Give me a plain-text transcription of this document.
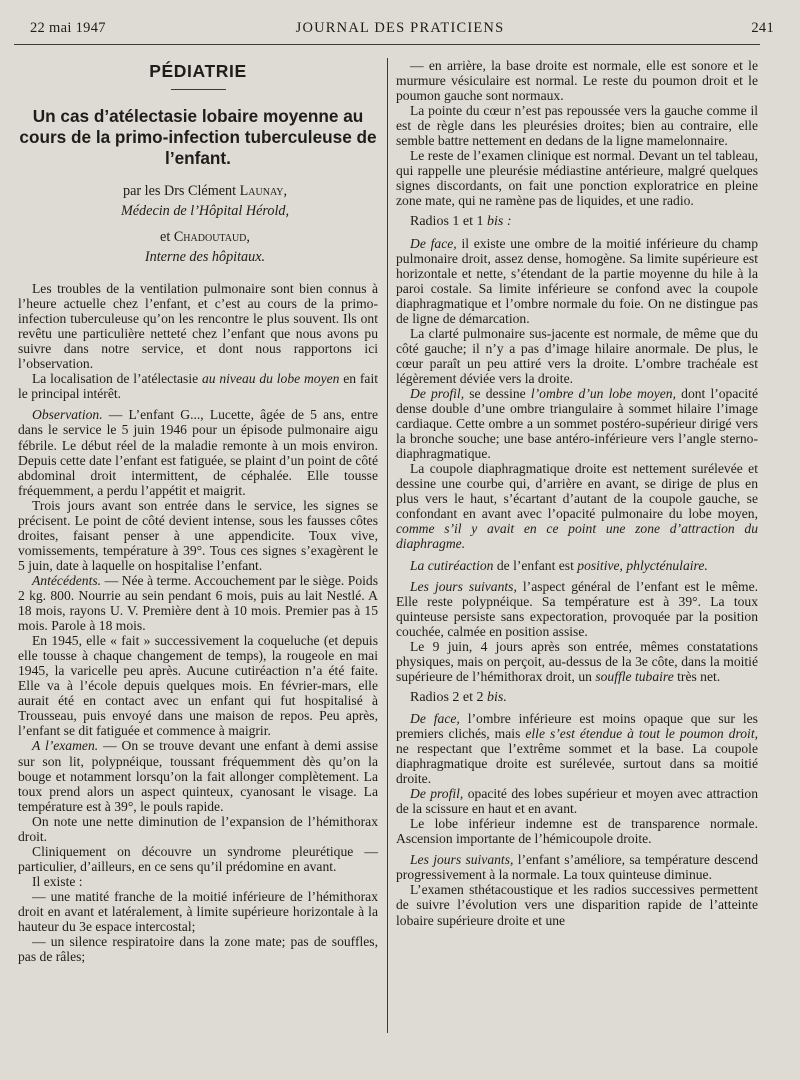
22 mai 1947	JOURNAL DES PRATICIENS	241
PÉDIATRIE
Un cas d’atélectasie lobaire moyenne au cours de la primo-infection tuberculeuse de l’enfant.

par les Drs Clément Launay,

Médecin de l’Hôpital Hérold,

et Chadoutaud,

Interne des hôpitaux.

Les troubles de la ventilation pulmonaire sont bien connus à l’heure actuelle chez l’enfant, et c’est au cours de la primo-infection tuberculeuse qu’on les rencontre le plus souvent. Ils ont revêtu une particulière netteté chez l’enfant que nous avons pu suivre dans notre service, et dont nous rapportons ici l’observation.

La localisation de l’atélectasie au niveau du lobe moyen en fait le principal intérêt.

Observation. — L’enfant G..., Lucette, âgée de 5 ans, entre dans le service le 5 juin 1946 pour un épisode pulmonaire aigu fébrile. Le début réel de la maladie remonte à un mois environ. Depuis cette date l’enfant est fatiguée, se plaint d’un point de côté abdominal droit intermittent, de céphalée. Elle tousse fréquemment, a perdu l’appétit et maigrit.

Trois jours avant son entrée dans le service, les signes se précisent. Le point de côté devient intense, sous les fausses côtes droites, faisant penser à une appendicite. Toux vive, vomissements, température à 39°. Tous ces signes s’exagèrent le 5 juin, date à laquelle on hospitalise l’enfant.

Antécédents. — Née à terme. Accouchement par le siège. Poids 2 kg. 800. Nourrie au sein pendant 6 mois, puis au lait Nestlé. A 18 mois, rayons U. V. Première dent à 10 mois. Premier pas à 15 mois. Parole à 18 mois.

En 1945, elle « fait » successivement la coqueluche (et depuis elle tousse à chaque changement de temps), la rougeole en mai 1945, la varicelle peu après. Aucune cutiréaction n’a été faite. Elle va à l’école depuis quelques mois. En février-mars, elle aurait été en contact avec un enfant qui fut hospitalisé à Trousseau, puis envoyé dans une maison de repos. Peu après, l’enfant se dit fatiguée et commence à maigrir.

A l’examen. — On se trouve devant une enfant à demi assise sur son lit, polypnéique, toussant fréquemment dès qu’on la bouge et notamment lorsqu’on la fait allonger complètement. La toux prend alors un aspect quinteux, cyanosant le visage. La température est à 39°, le pouls rapide.

On note une nette diminution de l’expansion de l’hémithorax droit.

Cliniquement on découvre un syndrome pleurétique — particulier, d’ailleurs, en ce sens qu’il prédomine en avant.

Il existe :

— une matité franche de la moitié inférieure de l’hémithorax droit en avant et latéralement, à limite supérieure horizontale à la hauteur du 3e espace intercostal;

— un silence respiratoire dans la zone mate; pas de souffles, pas de râles;

— en arrière, la base droite est normale, elle est sonore et le murmure vésiculaire est normal. Le reste du poumon droit et le poumon gauche sont normaux.

La pointe du cœur n’est pas repoussée vers la gauche comme il est de règle dans les pleurésies droites; bien au contraire, elle semble battre nettement en dedans de la ligne mamelonnaire.

Le reste de l’examen clinique est normal. Devant un tel tableau, qui rappelle une pleurésie médiastine antérieure, malgré quelques signes discordants, on fait une ponction exploratrice en pleine zone mate, qui ne ramène pas de liquides, et une radio.

Radios 1 et 1 bis :

De face, il existe une ombre de la moitié inférieure du champ pulmonaire droit, assez dense, homogène. Sa limite supérieure est horizontale et nette, s’étendant de la partie moyenne du hile à la paroi costale. Sa limite inférieure se confond avec la coupole diaphragmatique et l’ombre normale du foie. On ne distingue pas de ligne de démarcation.

La clarté pulmonaire sus-jacente est normale, de même que du côté gauche; il n’y a pas d’image hilaire anormale. De plus, le cœur paraît un peu attiré vers la droite. L’ombre trachéale est légèrement déviée vers la droite.

De profil, se dessine l’ombre d’un lobe moyen, dont l’opacité dense double d’une ombre triangulaire à sommet hilaire l’image cardiaque. Cette ombre a un sommet postéro-supérieur dirigé vers la bronche souche; une base antéro-inférieure vers l’angle sterno-diaphragmatique.

La coupole diaphragmatique droite est nettement surélevée et dessine une courbe qui, d’arrière en avant, se dirige de plus en plus vers le haut, s’écartant d’autant de la coupole gauche, se confondant en avant avec l’opacité pulmonaire du lobe moyen, comme s’il y avait en ce point une zone d’attraction du diaphragme.

La cutiréaction de l’enfant est positive, phlycténulaire.

Les jours suivants, l’aspect général de l’enfant est le même. Elle reste polypnéique. Sa température est à 39°. La toux quinteuse persiste sans expectoration, provoquée par la position couchée, calmée en position assise.

Le 9 juin, 4 jours après son entrée, mêmes constatations physiques, mais on perçoit, au-dessus de la 3e côte, dans la moitié supérieure de l’hémithorax droit, un souffle tubaire très net.

Radios 2 et 2 bis.

De face, l’ombre inférieure est moins opaque que sur les premiers clichés, mais elle s’est étendue à tout le poumon droit, ne respectant que l’extrême sommet et la base. La coupole diaphragmatique droite est surélevée, surtout dans sa moitié droite.

De profil, opacité des lobes supérieur et moyen avec attraction de la scissure en haut et en avant.

Le lobe inférieur indemne est de transparence normale. Ascension importante de l’hémicoupole droite.

Les jours suivants, l’enfant s’améliore, sa température descend progressivement à la normale. La toux quinteuse diminue.

L’examen sthétacoustique et les radios successives permettent de suivre l’évolution vers une disparition rapide de l’atteinte lobaire supérieure droite et une
